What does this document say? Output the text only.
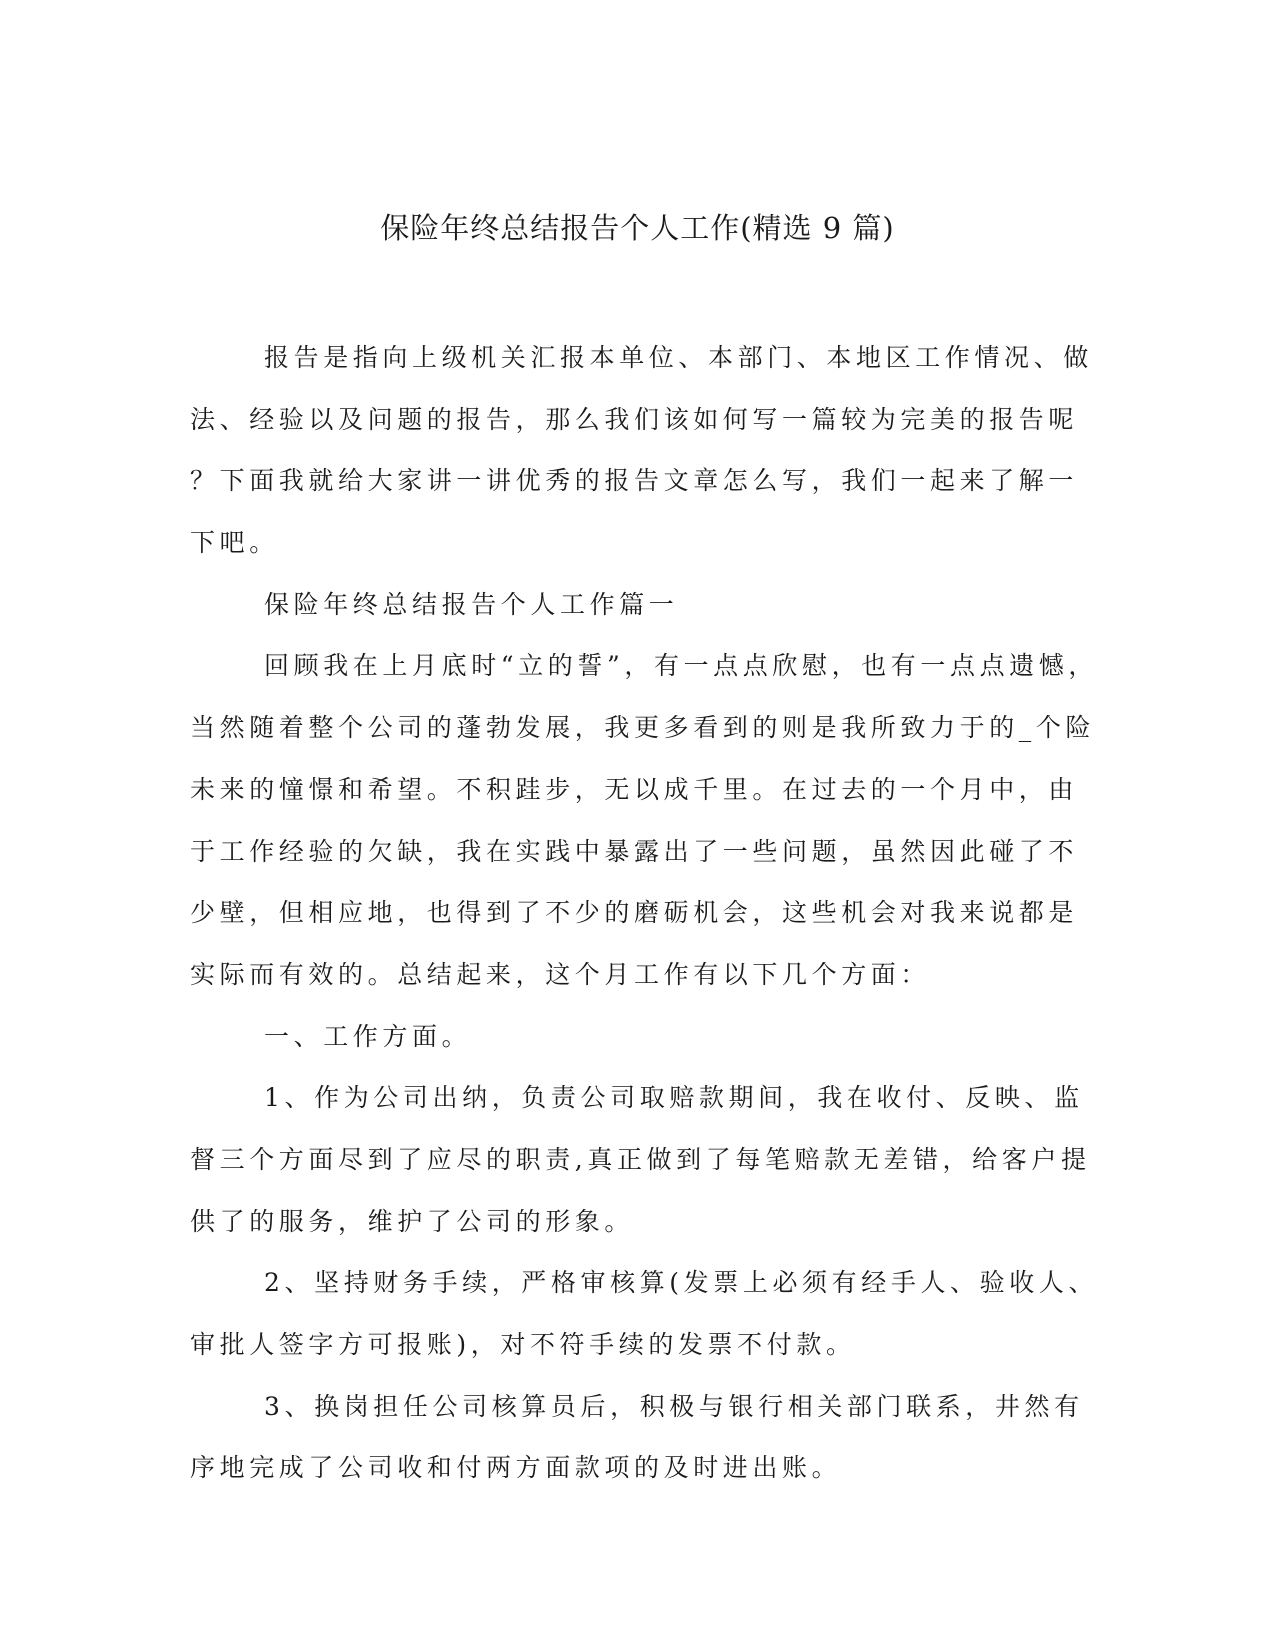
保险年终总结报告个人工作(精选 9 篇)
报告是指向上级机关汇报本单位、本部门、本地区工作情况、做
法、经验以及问题的报告，那么我们该如何写一篇较为完美的报告呢
？下面我就给大家讲一讲优秀的报告文章怎么写，我们一起来了解一
下吧。
保险年终总结报告个人工作篇一
回顾我在上月底时“立的誓”，有一点点欣慰，也有一点点遗憾，
当然随着整个公司的蓬勃发展，我更多看到的则是我所致力于的_个险
未来的憧憬和希望。不积跬步，无以成千里。在过去的一个月中，由
于工作经验的欠缺，我在实践中暴露出了一些问题，虽然因此碰了不
少壁，但相应地，也得到了不少的磨砺机会，这些机会对我来说都是
实际而有效的。总结起来，这个月工作有以下几个方面：
一、工作方面。
1、作为公司出纳，负责公司取赔款期间，我在收付、反映、监
督三个方面尽到了应尽的职责,真正做到了每笔赔款无差错，给客户提
供了的服务，维护了公司的形象。
2、坚持财务手续，严格审核算(发票上必须有经手人、验收人、
审批人签字方可报账)，对不符手续的发票不付款。
3、换岗担任公司核算员后，积极与银行相关部门联系，井然有
序地完成了公司收和付两方面款项的及时进出账。
